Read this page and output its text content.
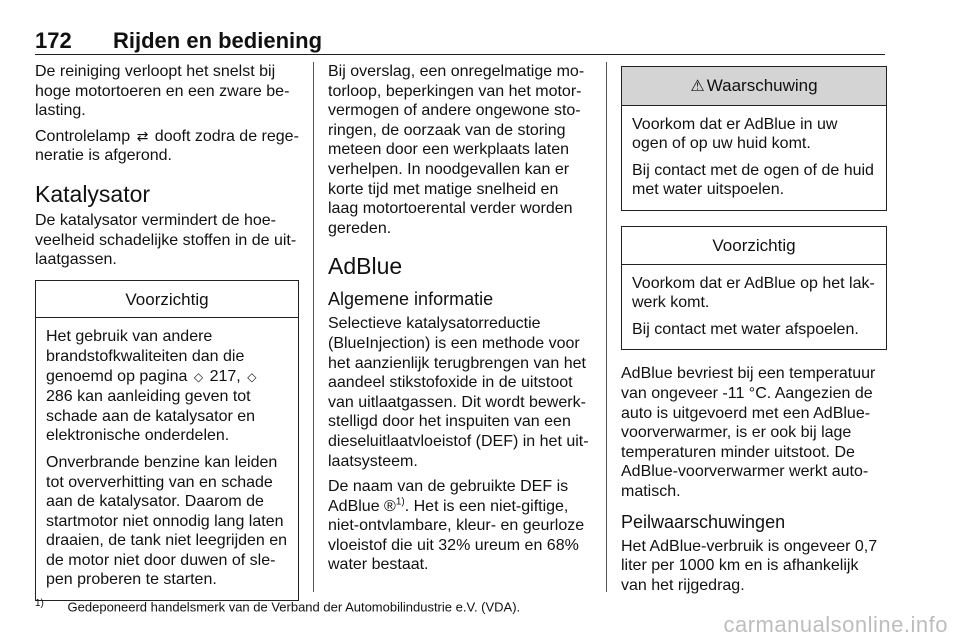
172 Rijden en bediening

De reiniging verloopt het snelst bij hoge motortoeren en een zware belasting.

Controlelamp ⇄ dooft zodra de regeneratie is afgerond.

Katalysator

De katalysator vermindert de hoeveelheid schadelijke stoffen in de uitlaatgassen.

Voorzichtig

Het gebruik van andere brandstofkwaliteiten dan die genoemd op pagina ◇ 217, ◇ 286 kan aanleiding geven tot schade aan de katalysator en elektronische onderdelen.

Onverbrande benzine kan leiden tot oververhitting van en schade aan de katalysator. Daarom de startmotor niet onnodig lang laten draaien, de tank niet leegrijden en de motor niet door duwen of slepen proberen te starten.

Bij overslag, een onregelmatige motorloop, beperkingen van het motorvermogen of andere ongewone storingen, de oorzaak van de storing meteen door een werkplaats laten verhelpen. In noodgevallen kan er korte tijd met matige snelheid en laag motortoerental verder worden gereden.

AdBlue
Algemene informatie

Selectieve katalysatorreductie (BlueInjection) is een methode voor het aanzienlijk terugbrengen van het aandeel stikstofoxide in de uitstoot van uitlaatgassen. Dit wordt bewerkstelligd door het inspuiten van een dieseluitlaatvloeistof (DEF) in het uitlaatsysteem.

De naam van de gebruikte DEF is AdBlue ®$^{1)}$. Het is een niet-giftige, niet-ontvlambare, kleur- en geurloze vloeistof die uit 32% ureum en 68% water bestaat.

⚠ Waarschuwing

Voorkom dat er AdBlue in uw ogen of op uw huid komt.

Bij contact met de ogen of de huid met water uitspoelen.

Voorzichtig

Voorkom dat er AdBlue op het lakwerk komt.

Bij contact met water afspoelen.

AdBlue bevriest bij een temperatuur van ongeveer -11 °C. Aangezien de auto is uitgevoerd met een AdBlue-voorverwarmer, is er ook bij lage temperaturen minder uitstoot. De AdBlue-voorverwarmer werkt automatisch.

Peilwaarschuwingen

Het AdBlue-verbruik is ongeveer 0,7 liter per 1000 km en is afhankelijk van het rijgedrag.

$^{1)}$ Gedeponeerd handelsmerk van de Verband der Automobilindustrie e.V. (VDA).
carmanualsonline.info
